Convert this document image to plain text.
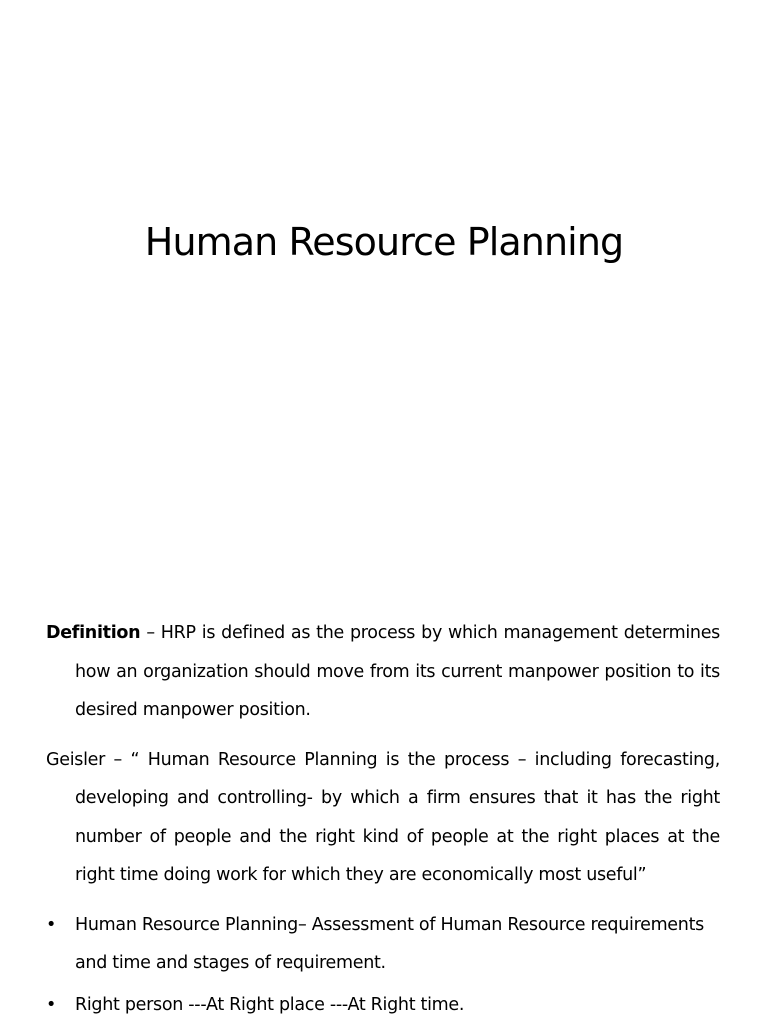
Human Resource Planning

Definition – HRP is defined as the process by which management determines how an organization should move from its current manpower position to its desired manpower position.

Geisler – “ Human Resource Planning is the process – including forecasting, developing and controlling- by which a firm ensures that it has the right number of people and the right kind of people at the right places at the right time doing work for which they are economically most useful”

• Human Resource Planning– Assessment of Human Resource requirements and time and stages of requirement.

• Right person ---At Right place ---At Right time.
